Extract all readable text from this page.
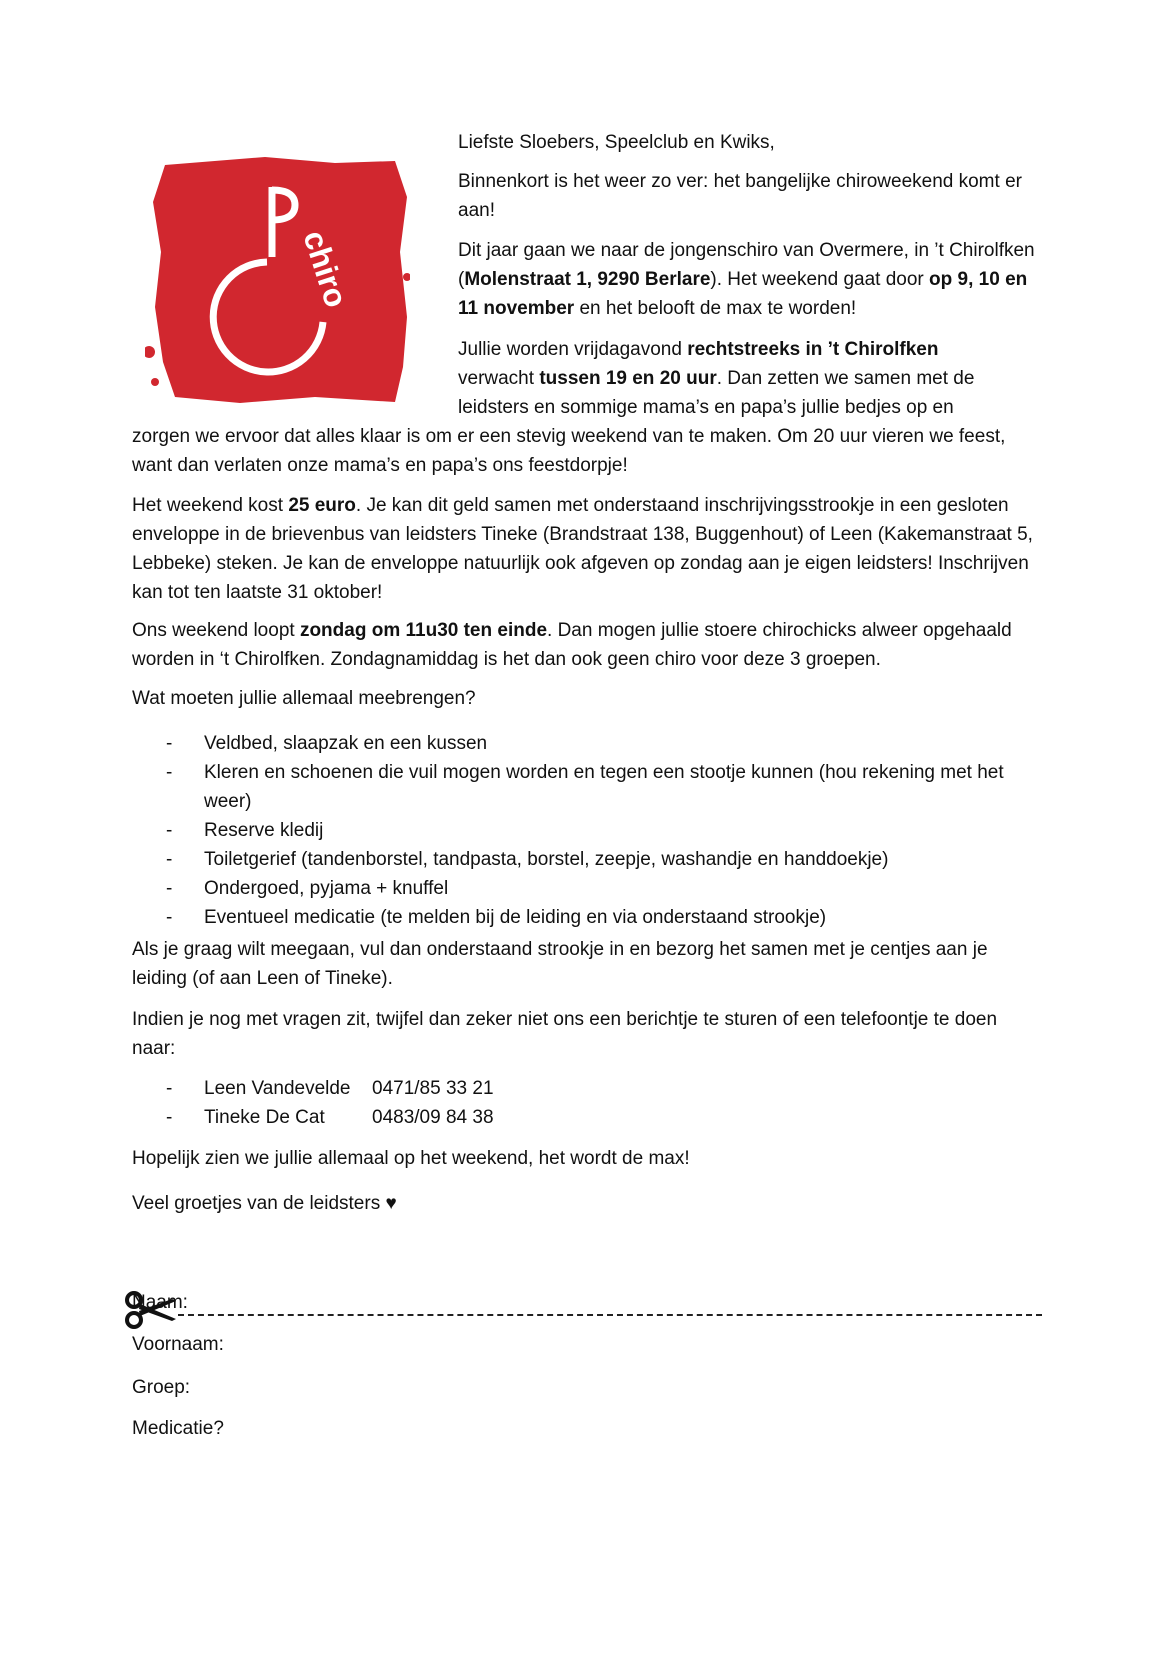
chiro

Liefste Sloebers, Speelclub en Kwiks,

Binnenkort is het weer zo ver: het bangelijke chiroweekend komt er aan!

Dit jaar gaan we naar de jongenschiro van Overmere, in ’t Chirolfken (Molenstraat 1, 9290 Berlare). Het weekend gaat door op 9, 10 en 11 november en het belooft de max te worden!

Jullie worden vrijdagavond rechtstreeks in ’t Chirolfken verwacht tussen 19 en 20 uur. Dan zetten we samen met de leidsters en sommige mama’s en papa’s jullie bedjes op en

zorgen we ervoor dat alles klaar is om er een stevig weekend van te maken. Om 20 uur vieren we feest, want dan verlaten onze mama’s en papa’s ons feestdorpje!

Het weekend kost 25 euro. Je kan dit geld samen met onderstaand inschrijvingsstrookje in een gesloten enveloppe in de brievenbus van leidsters Tineke (Brandstraat 138, Buggenhout) of Leen (Kakemanstraat 5, Lebbeke) steken. Je kan de enveloppe natuurlijk ook afgeven op zondag aan je eigen leidsters! Inschrijven kan tot ten laatste 31 oktober!

Ons weekend loopt zondag om 11u30 ten einde. Dan mogen jullie stoere chirochicks alweer opgehaald worden in ‘t Chirolfken. Zondagnamiddag is het dan ook geen chiro voor deze 3 groepen.

Wat moeten jullie allemaal meebrengen?

- Veldbed, slaapzak en een kussen
- Kleren en schoenen die vuil mogen worden en tegen een stootje kunnen (hou rekening met het weer)
- Reserve kledij
- Toiletgerief (tandenborstel, tandpasta, borstel, zeepje, washandje en handdoekje)
- Ondergoed, pyjama + knuffel
- Eventueel medicatie (te melden bij de leiding en via onderstaand strookje)

Als je graag wilt meegaan, vul dan onderstaand strookje in en bezorg het samen met je centjes aan je leiding (of aan Leen of Tineke).

Indien je nog met vragen zit, twijfel dan zeker niet ons een berichtje te sturen of een telefoontje te doen naar:

- Leen Vandevelde 0471/85 33 21
- Tineke De Cat 0483/09 84 38

Hopelijk zien we jullie allemaal op het weekend, het wordt de max!

Veel groetjes van de leidsters ♥

Naam:

Voornaam:

Groep:

Medicatie?
